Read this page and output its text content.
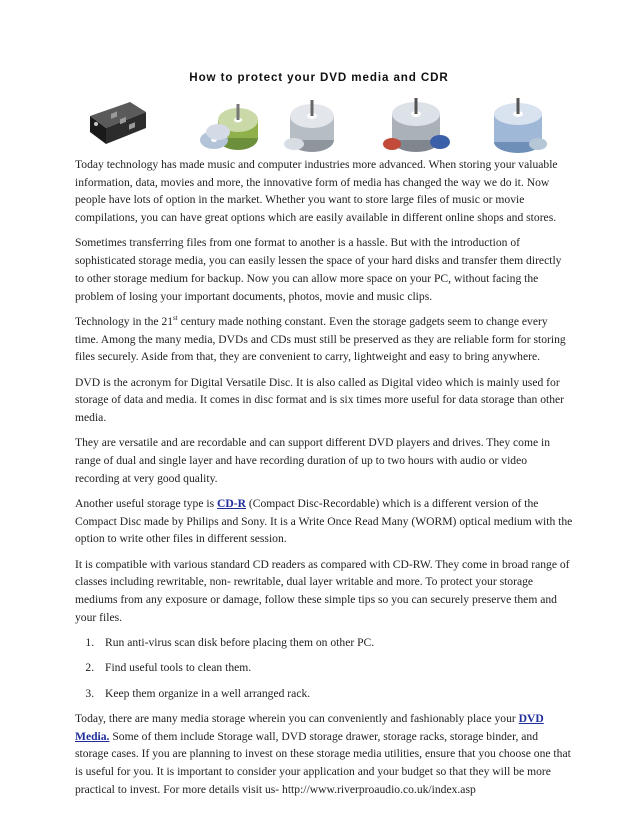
How to protect your DVD media and CDR

Today technology has made music and computer industries more advanced. When storing your valuable information, data, movies and more, the innovative form of media has changed the way we do it. Now people have lots of option in the market. Whether you want to store large files of music or movie compilations, you can have great options which are easily available in different online shops and stores.

Sometimes transferring files from one format to another is a hassle. But with the introduction of sophisticated storage media, you can easily lessen the space of your hard disks and transfer them directly to other storage medium for backup. Now you can allow more space on your PC, without facing the problem of losing your important documents, photos, movie and music clips.

Technology in the 21st century made nothing constant. Even the storage gadgets seem to change every time. Among the many media, DVDs and CDs must still be preserved as they are reliable form for storing files securely. Aside from that, they are convenient to carry, lightweight and easy to bring anywhere.

DVD is the acronym for Digital Versatile Disc. It is also called as Digital video which is mainly used for storage of data and media. It comes in disc format and is six times more useful for data storage than other media.

They are versatile and are recordable and can support different DVD players and drives. They come in range of dual and single layer and have recording duration of up to two hours with audio or video recording at very good quality.

Another useful storage type is CD-R (Compact Disc-Recordable) which is a different version of the Compact Disc made by Philips and Sony. It is a Write Once Read Many (WORM) optical medium with the option to write other files in different session.

It is compatible with various standard CD readers as compared with CD-RW. They come in broad range of classes including rewritable, non- rewritable, dual layer writable and more. To protect your storage mediums from any exposure or damage, follow these simple tips so you can securely preserve them and your files.

1. Run anti-virus scan disk before placing them on other PC.
2. Find useful tools to clean them.
3. Keep them organize in a well arranged rack.

Today, there are many media storage wherein you can conveniently and fashionably place your DVD Media. Some of them include Storage wall, DVD storage drawer, storage racks, storage binder, and storage cases. If you are planning to invest on these storage media utilities, ensure that you choose one that is useful for you. It is important to consider your application and your budget so that they will be more practical to invest. For more details visit us- http://www.riverproaudio.co.uk/index.asp
